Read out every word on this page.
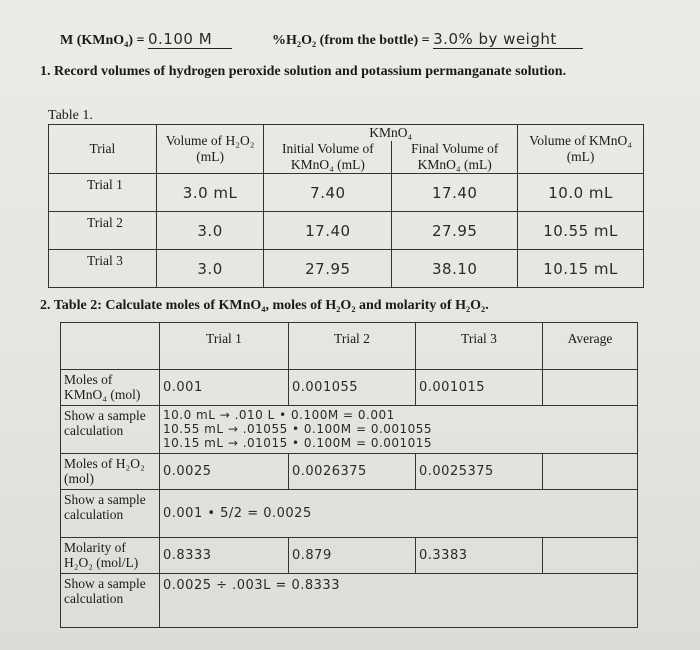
M (KMnO₄) = 0.100 M	%H₂O₂ (from the bottle) = 3.0% by weight
1. Record volumes of hydrogen peroxide solution and potassium permanganate solution.
Table 1.
Trial	Volume of H₂O₂ (mL)	KMnO₄		Volume of KMnO₄ (mL)
		Initial Volume of KMnO₄ (mL)	Final Volume of KMnO₄ (mL)	
Trial 1	3.0 mL	7.40	17.40	10.0 mL
Trial 2	3.0	17.40	27.95	10.55 mL
Trial 3	3.0	27.95	38.10	10.15 mL
2. Table 2: Calculate moles of KMnO₄, moles of H₂O₂ and molarity of H₂O₂.
	Trial 1	Trial 2	Trial 3	Average
Moles of KMnO₄ (mol)	0.001	0.001055	0.001015	
Show a sample calculation	10.0 mL → .010 L • 0.100M = 0.001
10.55 mL → .01055 • 0.100M = 0.001055
10.15 mL → .01015 • 0.100M = 0.001015			

Moles of H₂O₂ (mol)	0.0025	0.0026375	0.0025375	
Show a sample calculation	0.001 • 5/2 = 0.0025			
Molarity of H₂O₂ (mol/L)	0.8333	0.879	0.3383	
Show a sample calculation	0.0025 ÷ .003L = 0.8333			
